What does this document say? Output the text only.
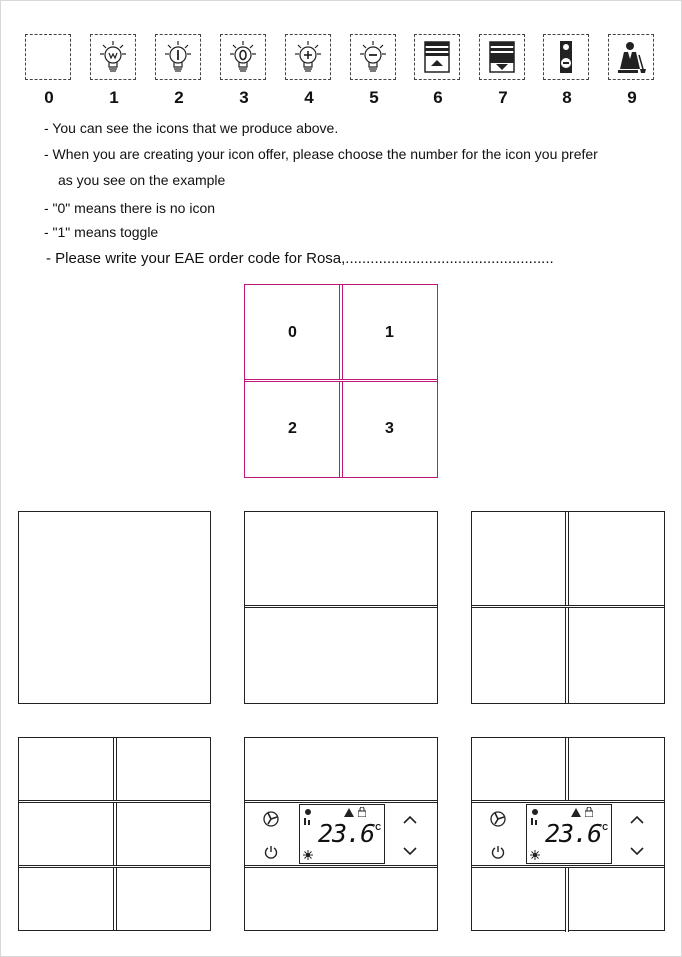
0	1	2	3	4	5	6	7	8	9
- You can see the icons that we produce above.
- When you are creating your icon offer, please choose the number for the icon you prefer
as you see on the example
- "0" means there is no icon
- "1" means toggle
- Please write your EAE order code for Rosa,..................................................
0	1
2	3
23.6
°C	23.6
°C
